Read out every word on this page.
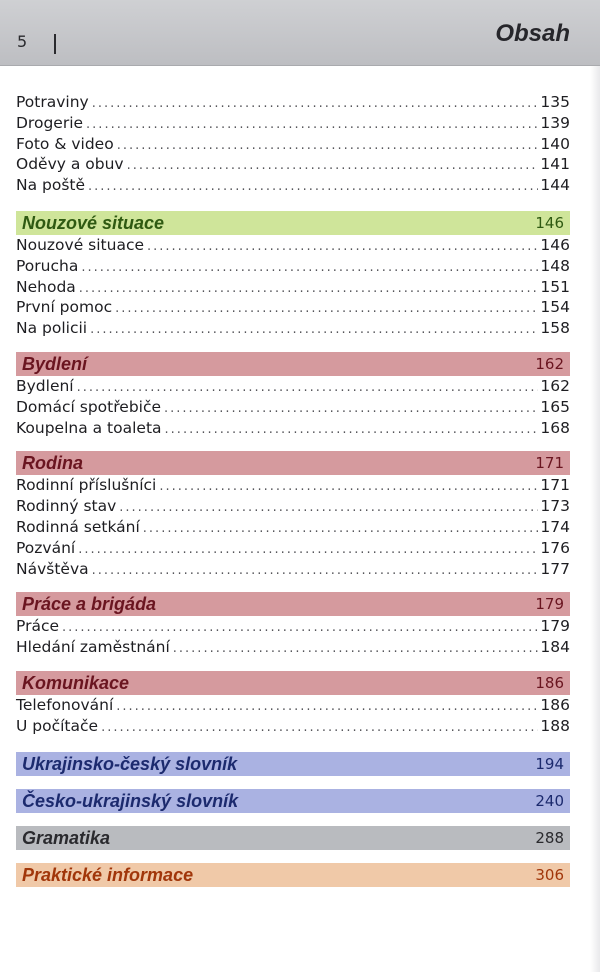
5	Obsah
Potraviny .....	135
Drogerie .....	139
Foto & video .....	140
Oděvy a obuv .....	141
Na poště .....	144
Nouzové situace	146
Nouzové situace .....	146
Porucha .....	148
Nehoda .....	151
První pomoc .....	154
Na policii .....	158
Bydlení	162
Bydlení .....	162
Domácí spotřebiče .....	165
Koupelna a toaleta .....	168
Rodina	171
Rodinní příslušníci .....	171
Rodinný stav .....	173
Rodinná setkání .....	174
Pozvání .....	176
Návštěva .....	177
Práce a brigáda	179
Práce .....	179
Hledání zaměstnání .....	184
Komunikace	186
Telefonování .....	186
U počítače .....	188
Ukrajinsko-český slovník	194
Česko-ukrajinský slovník	240
Gramatika	288
Praktické informace	306
